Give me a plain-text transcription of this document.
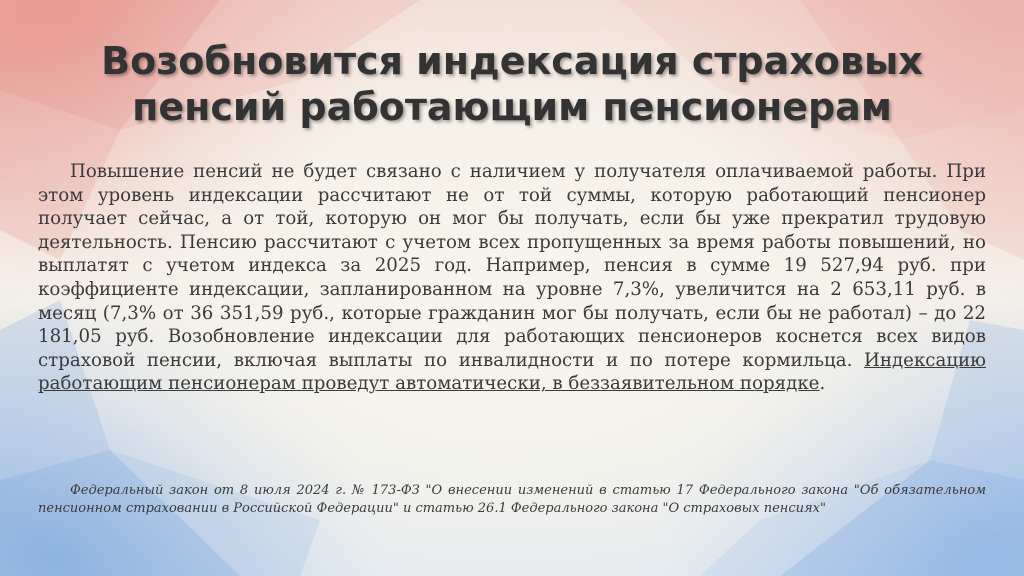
Возобновится индексация страховых пенсий работающим пенсионерам

Повышение пенсий не будет связано с наличием у получателя оплачиваемой работы. При этом уровень индексации рассчитают не от той суммы, которую работающий пенсионер получает сейчас, а от той, которую он мог бы получать, если бы уже прекратил трудовую деятельность. Пенсию рассчитают с учетом всех пропущенных за время работы повышений, но выплатят с учетом индекса за 2025 год. Например, пенсия в сумме 19 527,94 руб. при коэффициенте индексации, запланированном на уровне 7,3%, увеличится на 2 653,11 руб. в месяц (7,3% от 36 351,59 руб., которые гражданин мог бы получать, если бы не работал) – до 22 181,05 руб. Возобновление индексации для работающих пенсионеров коснется всех видов страховой пенсии, включая выплаты по инвалидности и по потере кормильца. Индексацию работающим пенсионерам проведут автоматически, в беззаявительном порядке.

Федеральный закон от 8 июля 2024 г. № 173-ФЗ "О внесении изменений в статью 17 Федерального закона "Об обязательном пенсионном страховании в Российской Федерации" и статью 26.1 Федерального закона "О страховых пенсиях"
